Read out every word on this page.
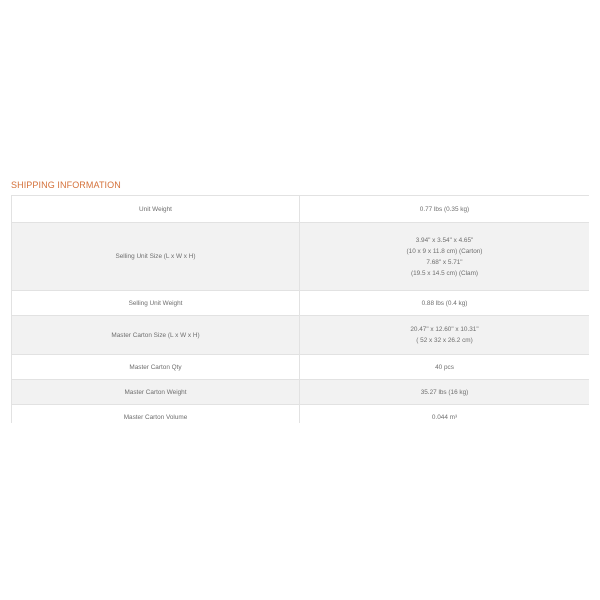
SHIPPING INFORMATION
Unit Weight	0.77 lbs (0.35 kg)

Selling Unit Size (L x W x H)	3.94" x 3.54" x 4.65"
(10 x 9 x 11.8 cm) (Carton)
7.68" x 5.71"
(19.5 x 14.5 cm) (Clam)

Selling Unit Weight	0.88 lbs (0.4 kg)

Master Carton Size (L x W x H)	20.47" x 12.60" x 10.31"
( 52 x 32 x 26.2 cm)

Master Carton Qty	40 pcs

Master Carton Weight	35.27 lbs (16 kg)

Master Carton Volume	0.044 m³
